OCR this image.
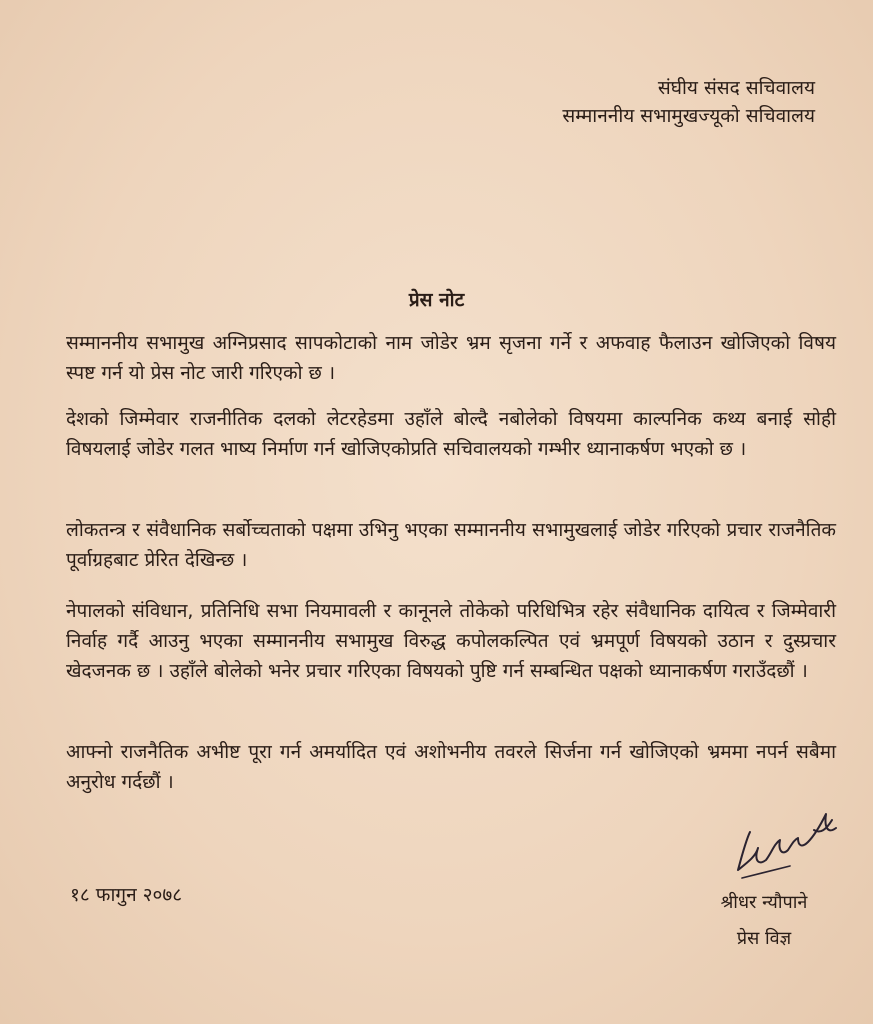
संघीय संसद सचिवालय
सम्माननीय सभामुखज्यूको सचिवालय
प्रेस नोट
सम्माननीय सभामुख अग्निप्रसाद सापकोटाको नाम जोडेर भ्रम सृजना गर्ने र अफवाह फैलाउन खोजिएको विषय स्पष्ट गर्न यो प्रेस नोट जारी गरिएको छ ।
देशको जिम्मेवार राजनीतिक दलको लेटरहेडमा उहाँले बोल्दै नबोलेको विषयमा काल्पनिक कथ्य बनाई सोही विषयलाई जोडेर गलत भाष्य निर्माण गर्न खोजिएकोप्रति सचिवालयको गम्भीर ध्यानाकर्षण भएको छ ।
लोकतन्त्र र संवैधानिक सर्बोच्चताको पक्षमा उभिनु भएका सम्माननीय सभामुखलाई जोडेर गरिएको प्रचार राजनैतिक पूर्वाग्रहबाट प्रेरित देखिन्छ ।
नेपालको संविधान, प्रतिनिधि सभा नियमावली र कानूनले तोकेको परिधिभित्र रहेर संवैधानिक दायित्व र जिम्मेवारी निर्वाह गर्दै आउनु भएका सम्माननीय सभामुख विरुद्ध कपोलकल्पित एवं भ्रमपूर्ण विषयको उठान र दुस्प्रचार खेदजनक छ । उहाँले बोलेको भनेर प्रचार गरिएका विषयको पुष्टि गर्न सम्बन्धित पक्षको ध्यानाकर्षण गराउँदछौं ।
आफ्नो राजनैतिक अभीष्ट पूरा गर्न अमर्यादित एवं अशोभनीय तवरले सिर्जना गर्न खोजिएको भ्रममा नपर्न सबैमा अनुरोध गर्दछौं ।
१८ फागुन २०७८	श्रीधर न्यौपाने
प्रेस विज्ञ
